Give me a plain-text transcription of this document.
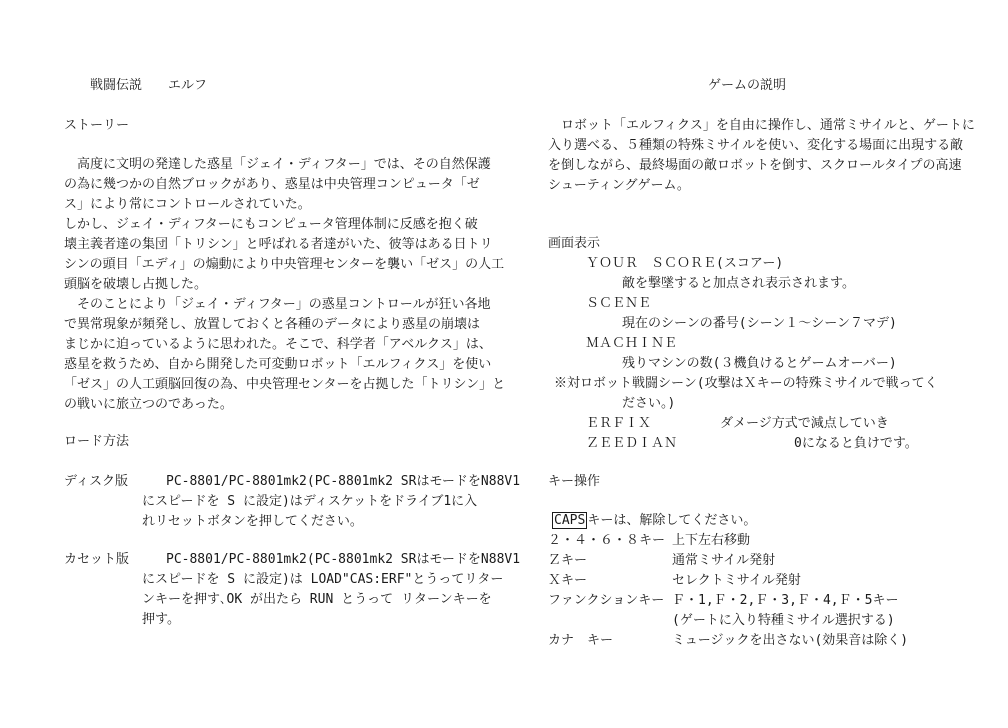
戦闘伝説　　エルフ
ストーリー
　高度に文明の発達した惑星「ジェイ・ディフター」では、その自然保護
の為に幾つかの自然ブロックがあり、惑星は中央管理コンピュータ「ゼ
ス」により常にコントロールされていた。
しかし、ジェイ・ディフターにもコンピュータ管理体制に反感を抱く破
壊主義者達の集団「トリシン」と呼ばれる者達がいた、彼等はある日トリ
シンの頭目「エディ」の煽動により中央管理センターを襲い「ゼス」の人工
頭脳を破壊し占拠した。
　そのことにより「ジェイ・ディフター」の惑星コントロールが狂い各地
で異常現象が頻発し、放置しておくと各種のデータにより惑星の崩壊は
まじかに迫っているように思われた。そこで、科学者「アベルクス」は、
惑星を救うため、自から開発した可変動ロボット「エルフィクス」を使い
「ゼス」の人工頭脳回復の為、中央管理センターを占拠した「トリシン」と
の戦いに旅立つのであった。
ロード方法
ディスク版	PC-8801/PC-8801mk2(PC-8801mk2 SRはモードをN88V1
にスピードを S に設定)はディスケットをドライブ1に入
れリセットボタンを押してください。
カセット版	PC-8801/PC-8801mk2(PC-8801mk2 SRはモードをN88V1
にスピードを S に設定)は LOAD"CAS:ERF"とうってリター
ンキーを押す､OK が出たら RUN とうって リターンキーを
押す。
ゲームの説明
　ロボット「エルフィクス」を自由に操作し、通常ミサイルと、ゲートに
入り選べる、５種類の特殊ミサイルを使い、変化する場面に出現する敵
を倒しながら、最終場面の敵ロボットを倒す、スクロールタイプの高速
シューティングゲーム。
画面表示
ＹＯＵＲ　ＳＣＯＲＥ(スコアー)
敵を撃墜すると加点され表示されます。
ＳＣＥＮＥ
現在のシーンの番号(シーン１～シーン７マデ)
ＭＡＣＨＩＮＥ
残りマシンの数(３機負けるとゲームオーバー)
※対ロボット戦闘シーン(攻撃はＸキーの特殊ミサイルで戦ってく
ださい。)
ＥＲＦＩＸ	ダメージ方式で減点していき
ＺＥＥＤＩＡＮ	0になると負けです。
キー操作
CAPS キーは、解除してください。
２・４・６・８キー 上下左右移動
Ｚキー	通常ミサイル発射
Ｘキー	セレクトミサイル発射
ファンクションキー Ｆ・1,Ｆ・2,Ｆ・3,Ｆ・4,Ｆ・5キー
(ゲートに入り特種ミサイル選択する)
カナ　キー	ミュージックを出さない(効果音は除く)
